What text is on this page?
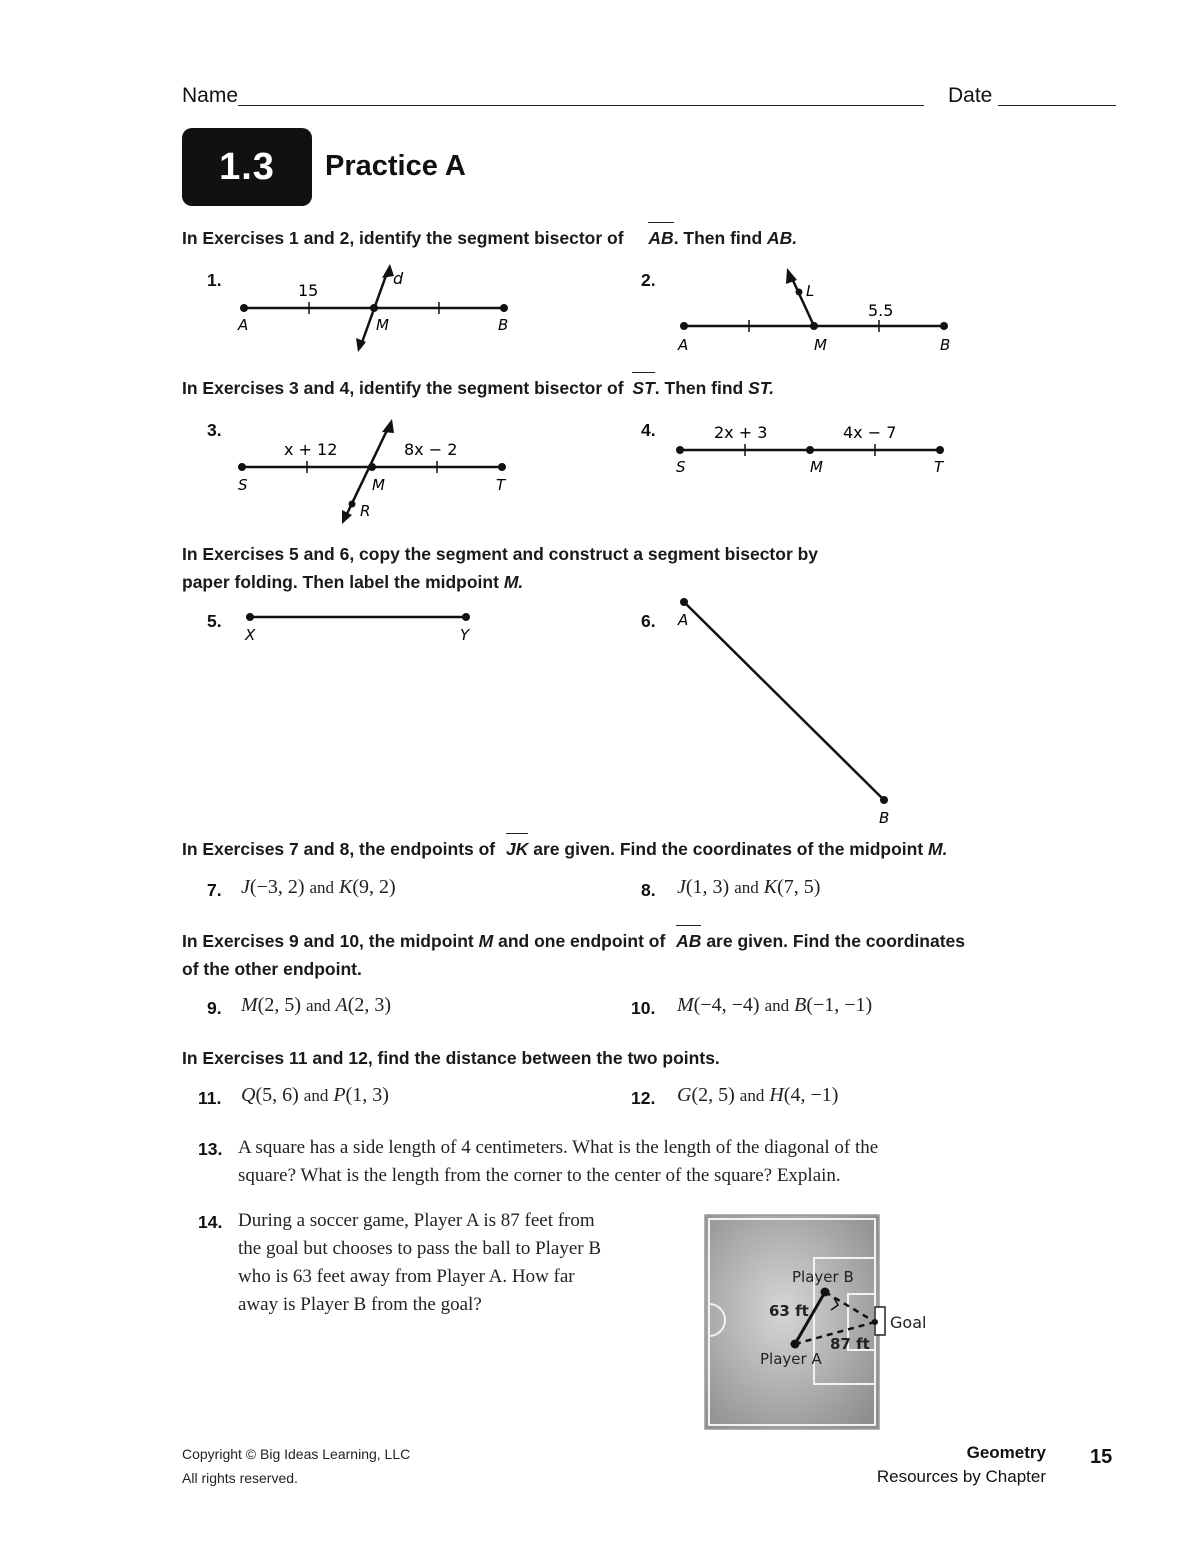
Name	Date
1.3	Practice A
In Exercises 1 and 2, identify the segment bisector of AB. Then find AB.
1.
A	M	B
d
15
2.
A	M	B
L
5.5
In Exercises 3 and 4, identify the segment bisector of ST. Then find ST.
3.
S	M	T
R
x + 12	8x − 2
4.
S	M	T
2x + 3	4x − 7
In Exercises 5 and 6, copy the segment and construct a segment bisector by
paper folding. Then label the midpoint M.
5.
X	Y
6. A
B
In Exercises 7 and 8, the endpoints of JK are given. Find the coordinates of the midpoint M.
7. J(−3, 2) and K(9, 2)	8. J(1, 3) and K(7, 5)
In Exercises 9 and 10, the midpoint M and one endpoint of AB are given. Find the coordinates
of the other endpoint.
9. M(2, 5) and A(2, 3)	10. M(−4, −4) and B(−1, −1)
In Exercises 11 and 12, find the distance between the two points.
11. Q(5, 6) and P(1, 3)	12. G(2, 5) and H(4, −1)
13. A square has a side length of 4 centimeters. What is the length of the diagonal of the
square? What is the length from the corner to the center of the square? Explain.
14. During a soccer game, Player A is 87 feet from
the goal but chooses to pass the ball to Player B
who is 63 feet away from Player A. How far
away is Player B from the goal?
Player B
Player A
63 ft
87 ft
Goal
Copyright © Big Ideas Learning, LLC
All rights reserved.
Geometry
Resources by Chapter
15
